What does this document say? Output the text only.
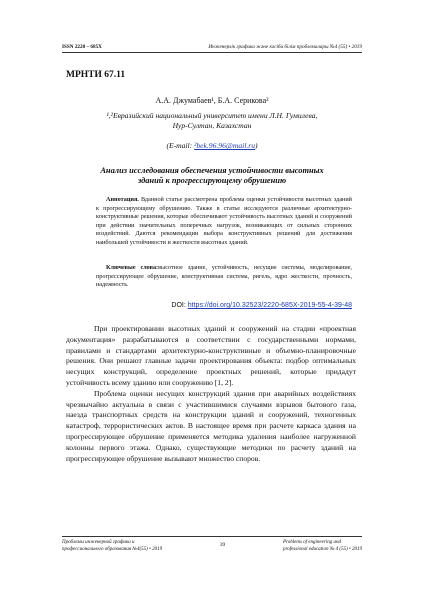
ISSN 2220 – 685X	Инженерлік графика және кәсіби білім проблемалары №4 (55) • 2019
МРНТИ 67.11
А.А. Джумабаев¹, Б.А. Серикова²
¹,²Евразийский национальный университет имени Л.Н. Гумилева,
Нур-Султан, Казахстан
(E-mail: ²bek.96.96@mail.ru)
Анализ исследования обеспечения устойчивости высотных зданий к прогрессирующему обрушению
Аннотация. Вданной статье рассмотрена проблема оценки устойчивости высотных зданий к прогрессирующему обрушению. Также в статье исследуются различные архитектурно-конструктивные решения, которые обеспечивают устойчивость высотных зданий и сооружений при действии значительных поперечных нагрузок, возникающих от сильных сторонних воздействий. Даются рекомендации выбора конструктивных решений для достижения наибольшей устойчивости и жесткости высотных зданий.
Ключевые слова:высотное здание, устойчивость, несущие системы, моделирование, прогрессирующее обрушение, конструктивная система, ригель, ядро жесткости, прочность, надежность.
DOI: https://doi.org/10.32523/2220-685X-2019-55-4-39-48

При проектировании высотных зданий и сооружений на стадии «проектная документация» разрабатываются в соответствии с государственными нормами, правилами и стандартами архитектурно-конструктивные и объемно-планировочные решения. Они решают главные задачи проектирования объекта: подбор оптимальных несущих конструкций, определение проектных решений, которые придадут устойчивость всему зданию или сооружению [1, 2].

Проблема оценки несущих конструкций здания при аварийных воздействиях чрезвычайно актуальна в связи с участившимися случаями взрывов бытового газа, наезда транспортных средств на конструкции зданий и сооружений, техногенных катастроф, террористических актов. В настоящее время при расчете каркаса здания на прогрессирующее обрушение применяется методика удаления наиболее нагруженной колонны первого этажа. Однако, существующие методики по расчету зданий на прогрессирующее обрушение вызывают множество споров.

Проблемы инженерной графики и
профессионального образования №4(55) • 2019
39	Problems of engineering and
professional education № 4 (55) • 2019
